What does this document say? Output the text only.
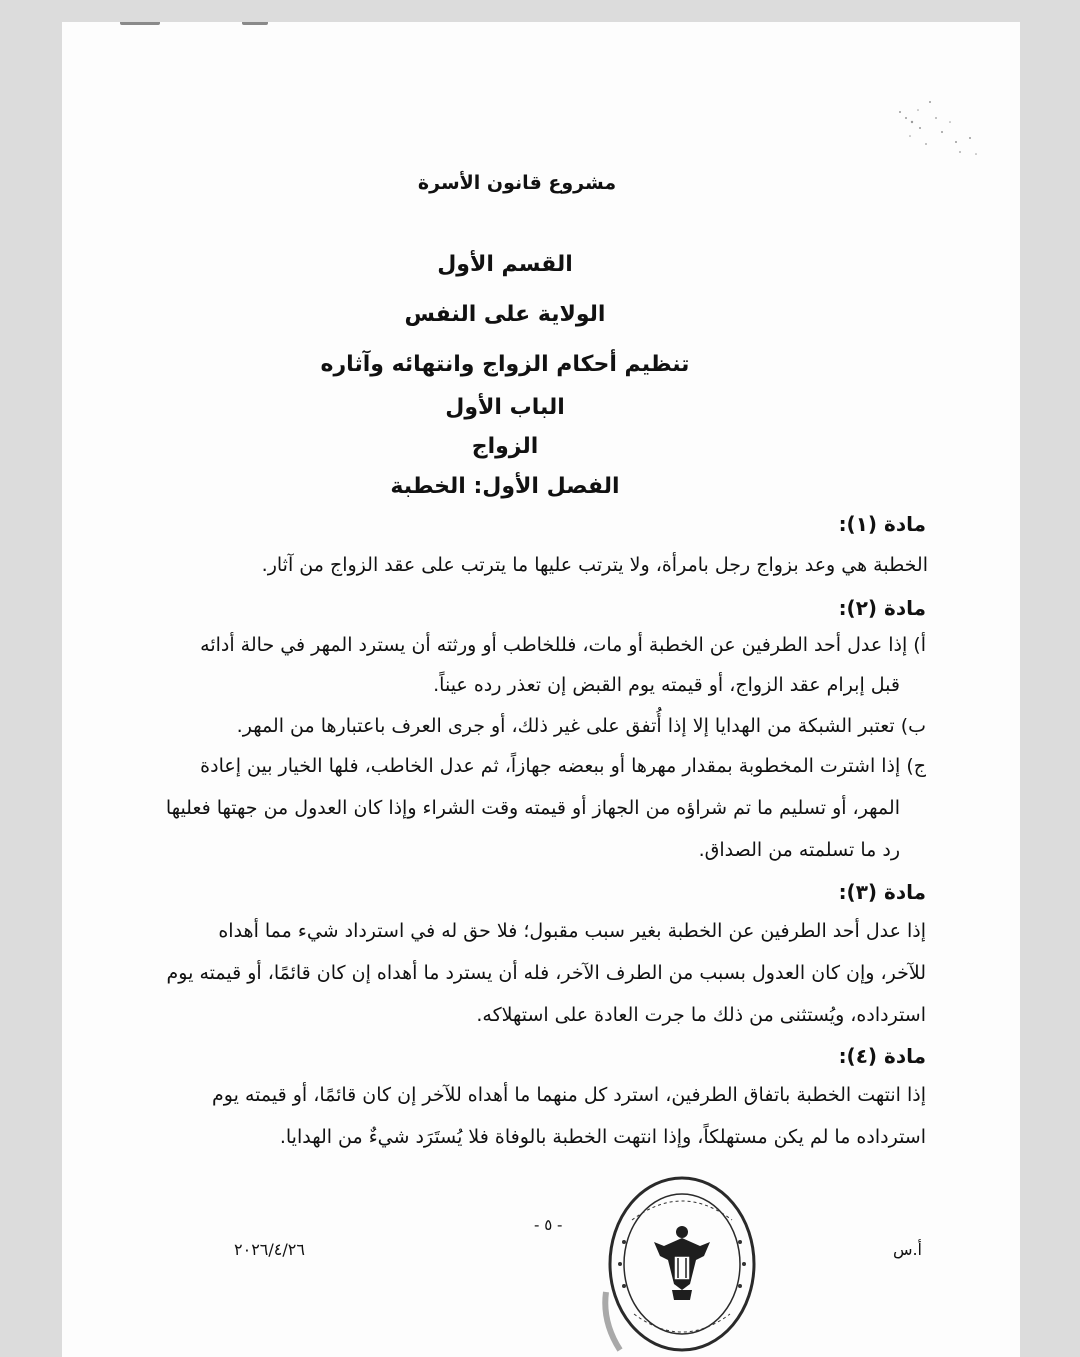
مشروع قانون الأسرة
القسم الأول
الولاية على النفس
تنظيم أحكام الزواج وانتهائه وآثاره
الباب الأول
الزواج
الفصل الأول: الخطبة
مادة (١):

الخطبة هي وعد بزواج رجل بامرأة، ولا يترتب عليها ما يترتب على عقد الزواج من آثار.

مادة (٢):

أ) إذا عدل أحد الطرفين عن الخطبة أو مات، فللخاطب أو ورثته أن يسترد المهر في حالة أدائه

قبل إبرام عقد الزواج، أو قيمته يوم القبض إن تعذر رده عيناً.

ب) تعتبر الشبكة من الهدايا إلا إذا أُتفق على غير ذلك، أو جرى العرف باعتبارها من المهر.

ج) إذا اشترت المخطوبة بمقدار مهرها أو ببعضه جهازاً، ثم عدل الخاطب، فلها الخيار بين إعادة

المهر، أو تسليم ما تم شراؤه من الجهاز أو قيمته وقت الشراء وإذا كان العدول من جهتها فعليها

رد ما تسلمته من الصداق.

مادة (٣):

إذا عدل أحد الطرفين عن الخطبة بغير سبب مقبول؛ فلا حق له في استرداد شيء مما أهداه

للآخر، وإن كان العدول بسبب من الطرف الآخر، فله أن يسترد ما أهداه إن كان قائمًا، أو قيمته يوم

استرداده، ويُستثنى من ذلك ما جرت العادة على استهلاكه.

مادة (٤):

إذا انتهت الخطبة باتفاق الطرفين، استرد كل منهما ما أهداه للآخر إن كان قائمًا، أو قيمته يوم

استرداده ما لم يكن مستهلكاً، وإذا انتهت الخطبة بالوفاة فلا يُستَرَد شيءٌ من الهدايا.

- ٥ -
٢٠٢٦/٤/٢٦	أ.س
